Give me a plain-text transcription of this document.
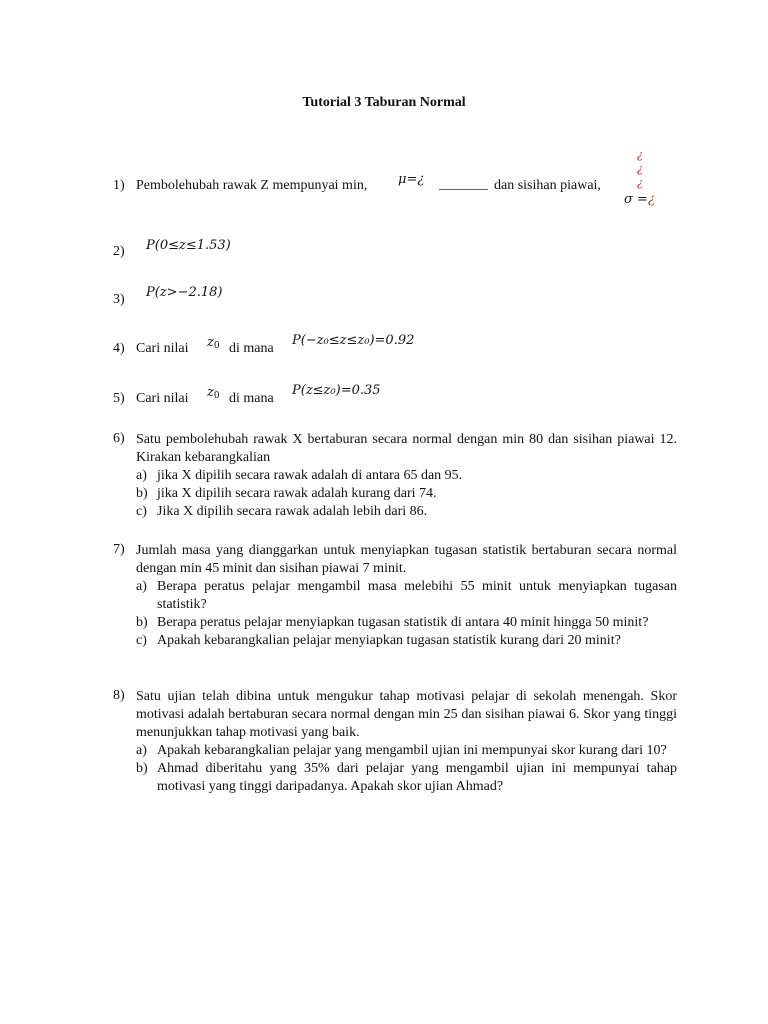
Tutorial 3 Taburan Normal
1) Pembolehubah rawak Z mempunyai min, μ=¿ _______ dan sisihan piawai,
¿
¿
¿
σ = ¿
2) P(0≤z≤1.53)
3) P(z>−2.18)
4) Cari nilai $z_0$ di mana
P(−z₀≤z≤z₀)=0.92
5) Cari nilai $z_0$ di mana
P(z≤z₀)=0.35
6) Satu pembolehubah rawak X bertaburan secara normal dengan min 80 dan sisihan piawai 12. Kirakan kebarangkalian
a) jika X dipilih secara rawak adalah di antara 65 dan 95.
b) jika X dipilih secara rawak adalah kurang dari 74.
c) Jika X dipilih secara rawak adalah lebih dari 86.
7) Jumlah masa yang dianggarkan untuk menyiapkan tugasan statistik bertaburan secara normal dengan min 45 minit dan sisihan piawai 7 minit.
a) Berapa peratus pelajar mengambil masa melebihi 55 minit untuk menyiapkan tugasan statistik?
b) Berapa peratus pelajar menyiapkan tugasan statistik di antara 40 minit hingga 50 minit?
c) Apakah kebarangkalian pelajar menyiapkan tugasan statistik kurang dari 20 minit?
8) Satu ujian telah dibina untuk mengukur tahap motivasi pelajar di sekolah menengah. Skor motivasi adalah bertaburan secara normal dengan min 25 dan sisihan piawai 6. Skor yang tinggi menunjukkan tahap motivasi yang baik.
a) Apakah kebarangkalian pelajar yang mengambil ujian ini mempunyai skor kurang dari 10?
b) Ahmad diberitahu yang 35% dari pelajar yang mengambil ujian ini mempunyai tahap motivasi yang tinggi daripadanya. Apakah skor ujian Ahmad?
